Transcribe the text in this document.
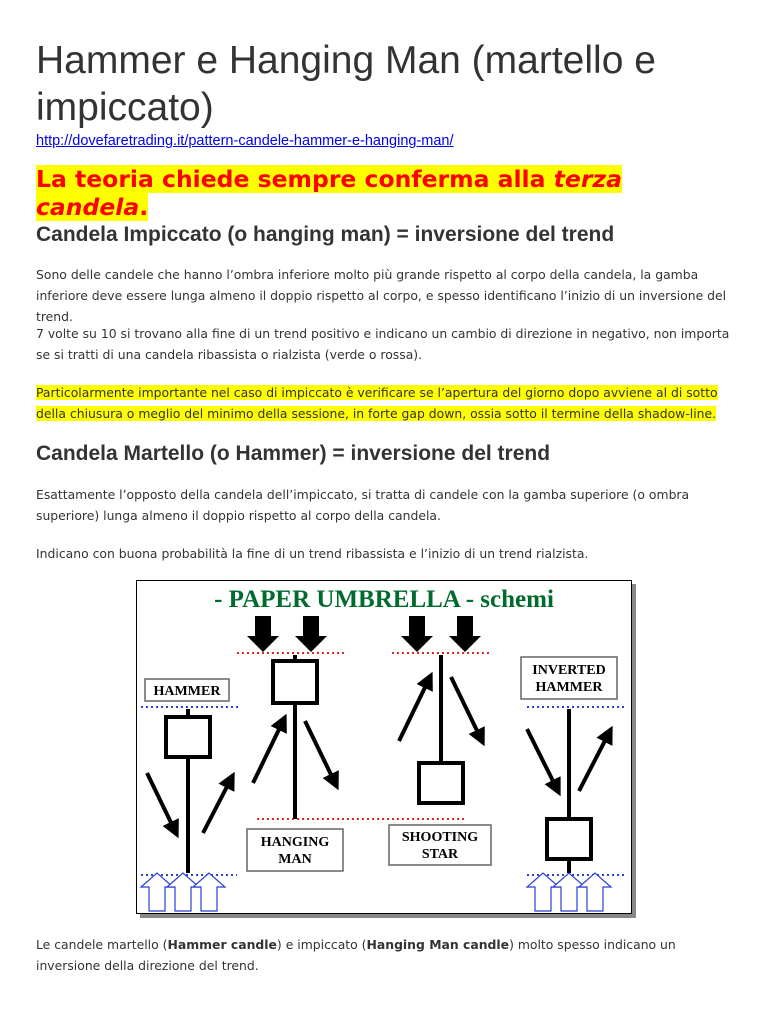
Hammer e Hanging Man (martello e impiccato)
http://dovefaretrading.it/pattern-candele-hammer-e-hanging-man/
La teoria chiede sempre conferma alla terza candela.
Candela Impiccato (o hanging man) = inversione del trend

Sono delle candele che hanno l’ombra inferiore molto più grande rispetto al corpo della candela, la gamba inferiore deve essere lunga almeno il doppio rispetto al corpo, e spesso identificano l’inizio di un inversione del trend.

7 volte su 10 si trovano alla fine di un trend positivo e indicano un cambio di direzione in negativo, non importa se si tratti di una candela ribassista o rialzista (verde o rossa).

Particolarmente importante nel caso di impiccato è verificare se l’apertura del giorno dopo avviene al di sotto della chiusura o meglio del minimo della sessione, in forte gap down, ossia sotto il termine della shadow-line.

Candela Martello (o Hammer) = inversione del trend

Esattamente l’opposto della candela dell’impiccato, si tratta di candele con la gamba superiore (o ombra superiore) lunga almeno il doppio rispetto al corpo della candela.

Indicano con buona probabilità la fine di un trend ribassista e l’inizio di un trend rialzista.

- PAPER UMBRELLA - schemi
HAMMER
HANGING
MAN
SHOOTING
STAR
INVERTED
HAMMER

Le candele martello (Hammer candle) e impiccato (Hanging Man candle) molto spesso indicano un inversione della direzione del trend.
